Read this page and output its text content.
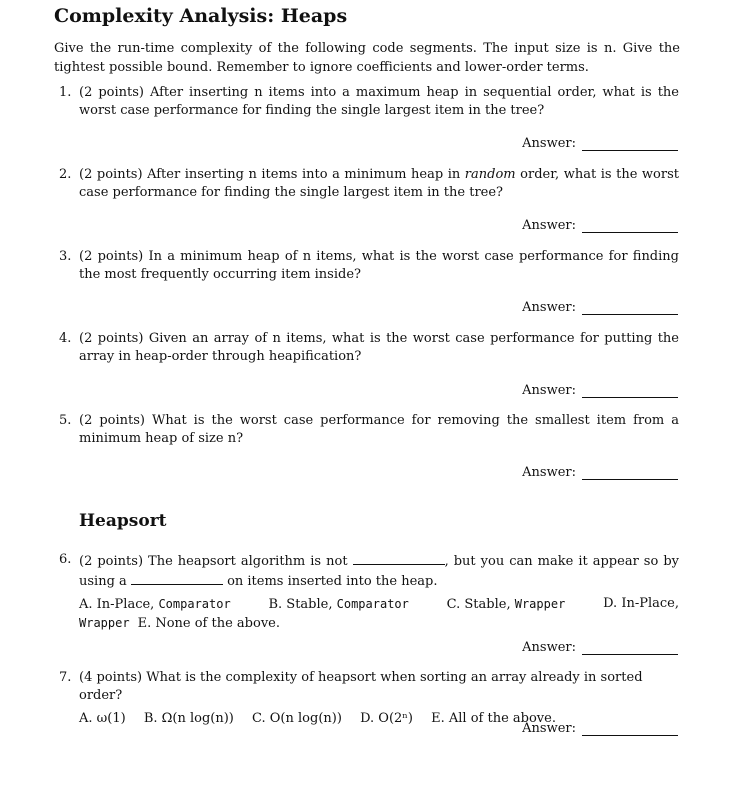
Complexity Analysis: Heaps
Give the run-time complexity of the following code segments. The input size is n. Give the tightest possible bound. Remember to ignore coefficients and lower-order terms.
1. (2 points) After inserting n items into a maximum heap in sequential order, what is the worst case performance for finding the single largest item in the tree?
Answer:
2. (2 points) After inserting n items into a minimum heap in random order, what is the worst case performance for finding the single largest item in the tree?
Answer:
3. (2 points) In a minimum heap of n items, what is the worst case performance for finding the most frequently occurring item inside?
Answer:
4. (2 points) Given an array of n items, what is the worst case performance for putting the array in heap-order through heapification?
Answer:
5. (2 points) What is the worst case performance for removing the smallest item from a minimum heap of size n?
Answer:
Heapsort
6. (2 points) The heapsort algorithm is not	, but you can make it appear so by using a	on items inserted into the heap.
A. In-Place, Comparator	B. Stable, Comparator	C. Stable, Wrapper	D. In-Place,
Wrapper E. None of the above.
Answer:
7. (4 points) What is the complexity of heapsort when sorting an array already in sorted order?
A. ω(1) B. Ω(n log(n)) C. O(n log(n)) D. O(2ⁿ) E. All of the above.
Answer:
